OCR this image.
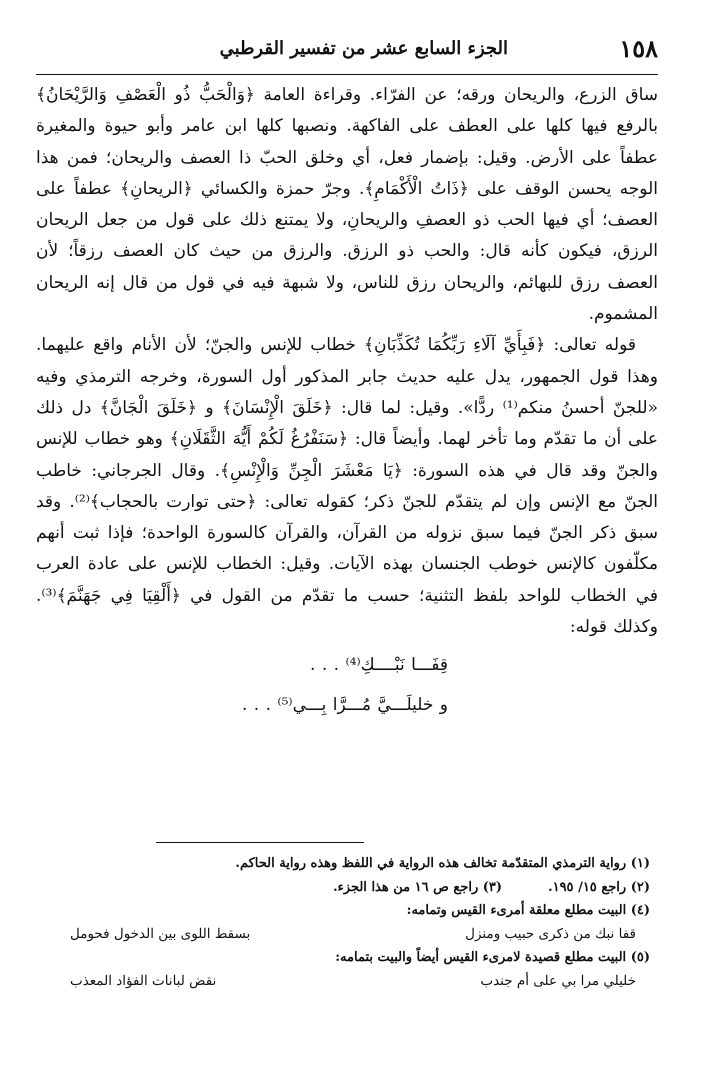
١٥٨
الجزء السابع عشر من تفسير القرطبي

ساق الزرع، والريحان ورقه؛ عن الفرّاء. وقراءة العامة ﴿وَالْحَبُّ ذُو الْعَصْفِ وَالرَّيْحَانُ﴾ بالرفع فيها كلها على العطف على الفاكهة. ونصبها كلها ابن عامر وأبو حيوة والمغيرة عطفاً على الأرض. وقيل: بإضمار فعل، أي وخلق الحبّ ذا العصف والريحان؛ فمن هذا الوجه يحسن الوقف على ﴿ذَاتُ الْأَكْمَامِ﴾. وجرّ حمزة والكسائي ﴿الريحانِ﴾ عطفاً على العصف؛ أي فيها الحب ذو العصفِ والريحانِ، ولا يمتنع ذلك على قول من جعل الريحان الرزق، فيكون كأنه قال: والحب ذو الرزق. والرزق من حيث كان العصف رزقاً؛ لأن العصف رزق للبهائم، والريحان رزق للناس، ولا شبهة فيه في قول من قال إنه الريحان المشموم.

قوله تعالى: ﴿فَبِأَيِّ آلَاءِ رَبِّكُمَا تُكَذِّبَانِ﴾ خطاب للإنس والجنّ؛ لأن الأنام واقع عليهما. وهذا قول الجمهور، يدل عليه حديث جابر المذكور أول السورة، وخرجه الترمذي وفيه «للجنّ أحسنُ منكم⁽¹⁾ ردًّا». وقيل: لما قال: ﴿خَلَقَ الْإِنْسَانَ﴾ و ﴿خَلَقَ الْجَانَّ﴾ دل ذلك على أن ما تقدّم وما تأخر لهما. وأيضاً قال: ﴿سَنَفْرُغُ لَكُمْ أَيُّهَ الثَّقَلَانِ﴾ وهو خطاب للإنس والجنّ وقد قال في هذه السورة: ﴿يَا مَعْشَرَ الْجِنِّ وَالْإِنْسِ﴾. وقال الجرجاني: خاطب الجنّ مع الإنس وإن لم يتقدّم للجنّ ذكر؛ كقوله تعالى: ﴿حتى توارت بالحجاب﴾⁽²⁾. وقد سبق ذكر الجنّ فيما سبق نزوله من القرآن، والقرآن كالسورة الواحدة؛ فإذا ثبت أنهم مكلّفون كالإنس خوطب الجنسان بهذه الآيات. وقيل: الخطاب للإنس على عادة العرب في الخطاب للواحد بلفظ التثنية؛ حسب ما تقدّم من القول في ﴿أَلْقِيَا فِي جَهَنَّمَ﴾⁽³⁾. وكذلك قوله:

قِفَـــا نَبْــــكِ⁽⁴⁾ . . .
و خليلَـــيَّ مُـــرَّا بِـــي⁽⁵⁾ . . .

(١) رواية الترمذي المتقدّمة تخالف هذه الرواية في اللفظ وهذه رواية الحاكم.

(٢) راجع ١٥/ ١٩٥.
(٣) راجع ص ١٦ من هذا الجزء.

(٤) البيت مطلع معلقة أمرىء القيس وتمامه:

قفا نبك من ذكرى حبيب ومنزل
بسقط اللوى بين الدخول فحومل

(٥) البيت مطلع قصيدة لامرىء القيس أيضاً والبيت بتمامه:

خليلي مرا بي على أم جندب
نقض لبانات الفؤاد المعذب
